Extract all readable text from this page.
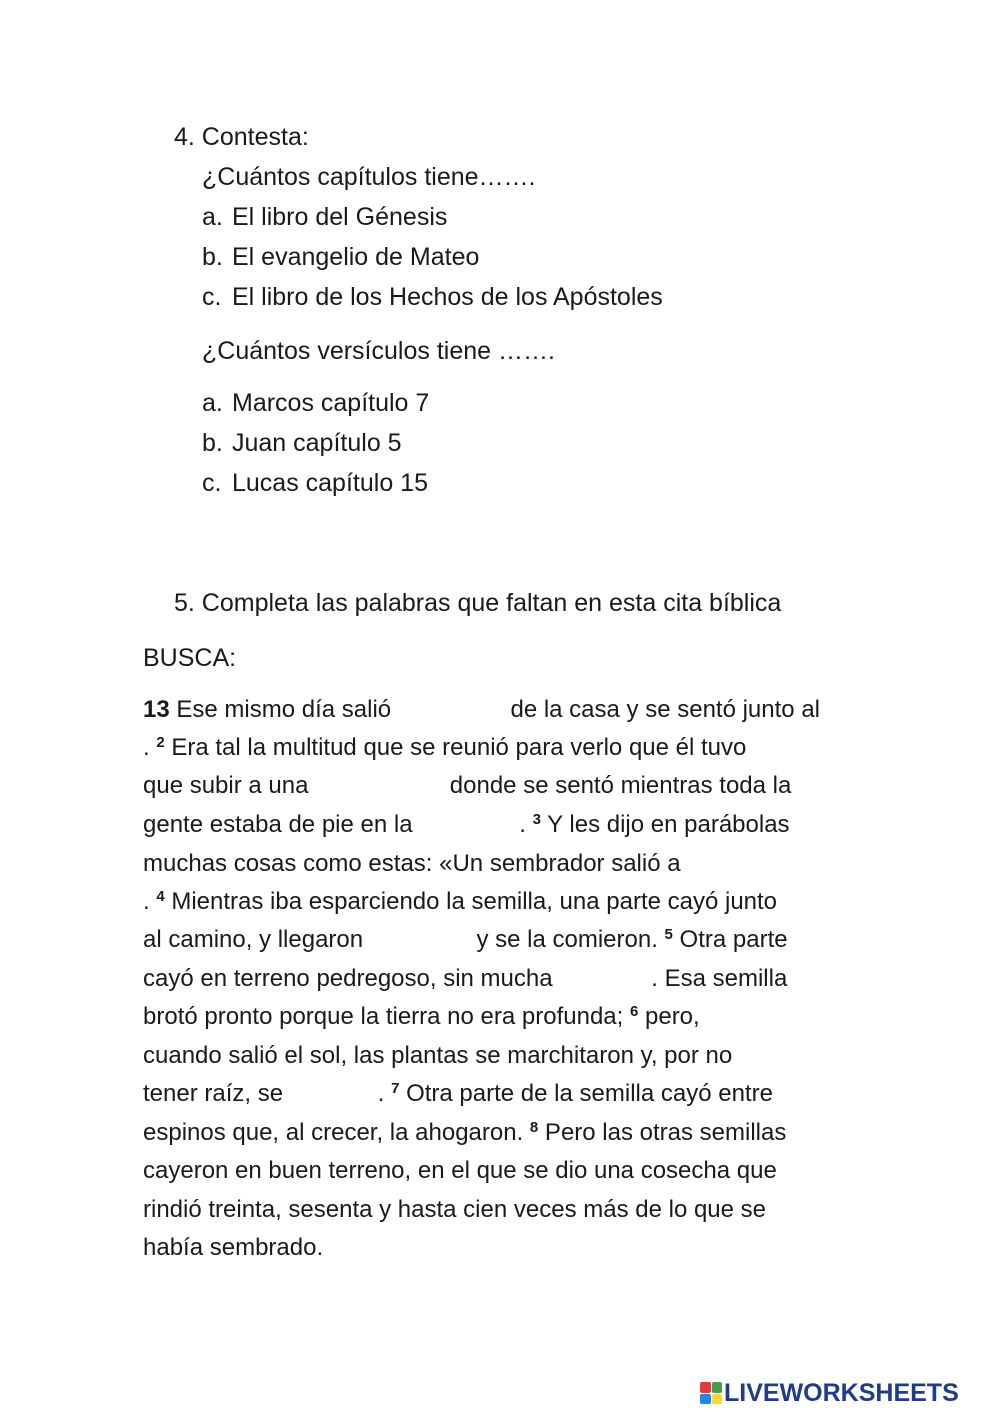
4. Contesta:
¿Cuántos capítulos tiene…….
a. El libro del Génesis
b. El evangelio de Mateo
c. El libro de los Hechos de los Apóstoles
¿Cuántos versículos tiene …….
a. Marcos capítulo 7
b. Juan capítulo 5
c. Lucas capítulo 15
5. Completa las palabras que faltan en esta cita bíblica
BUSCA:
13 Ese mismo día salió	de la casa y se sentó junto al
. $^2$ Era tal la multitud que se reunió para verlo que él tuvo
que subir a una	donde se sentó mientras toda la
gente estaba de pie en la	. $^3$ Y les dijo en parábolas
muchas cosas como estas: «Un sembrador salió a
. $^4$ Mientras iba esparciendo la semilla, una parte cayó junto
al camino, y llegaron	y se la comieron. $^5$ Otra parte
cayó en terreno pedregoso, sin mucha	. Esa semilla
brotó pronto porque la tierra no era profunda; $^6$ pero,
cuando salió el sol, las plantas se marchitaron y, por no
tener raíz, se	. $^7$ Otra parte de la semilla cayó entre
espinos que, al crecer, la ahogaron. $^8$ Pero las otras semillas
cayeron en buen terreno, en el que se dio una cosecha que
rindió treinta, sesenta y hasta cien veces más de lo que se
había sembrado.
LIVEWORKSHEETS
